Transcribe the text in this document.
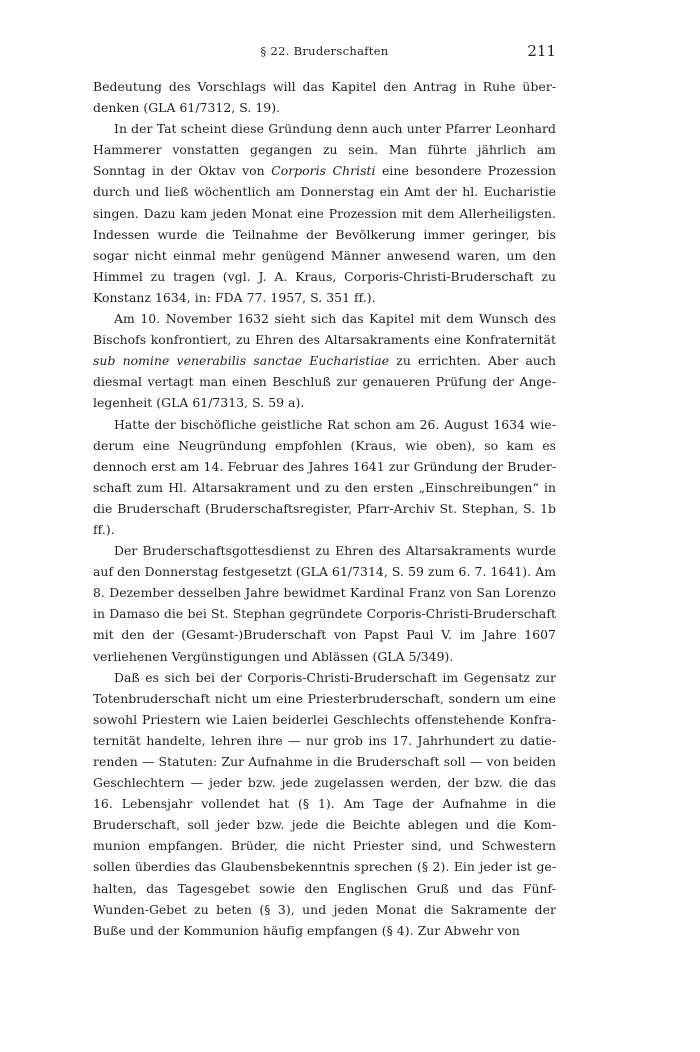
§ 22. Bruderschaften	211

Bedeutung des Vorschlags will das Kapitel den Antrag in Ruhe überdenken (GLA 61/7312, S. 19).

In der Tat scheint diese Gründung denn auch unter Pfarrer Leonhard Hammerer vonstatten gegangen zu sein. Man führte jährlich am Sonntag in der Oktav von Corporis Christi eine besondere Prozession durch und ließ wöchentlich am Donnerstag ein Amt der hl. Eucharistie singen. Dazu kam jeden Monat eine Prozession mit dem Allerheiligsten. Indessen wurde die Teilnahme der Bevölkerung immer geringer, bis sogar nicht einmal mehr genügend Männer anwesend waren, um den Himmel zu tragen (vgl. J. A. Kraus, Corporis-Christi-Bruderschaft zu Konstanz 1634, in: FDA 77. 1957, S. 351 ff.).

Am 10. November 1632 sieht sich das Kapitel mit dem Wunsch des Bischofs konfrontiert, zu Ehren des Altarsakraments eine Konfraternität sub nomine venerabilis sanctae Eucharistiae zu errichten. Aber auch diesmal vertagt man einen Beschluß zur genaueren Prüfung der Angelegenheit (GLA 61/7313, S. 59 a).

Hatte der bischöfliche geistliche Rat schon am 26. August 1634 wiederum eine Neugründung empfohlen (Kraus, wie oben), so kam es dennoch erst am 14. Februar des Jahres 1641 zur Gründung der Bruderschaft zum Hl. Altarsakrament und zu den ersten „Einschreibungen“ in die Bruderschaft (Bruderschaftsregister, Pfarr-Archiv St. Stephan, S. 1b ff.).

Der Bruderschaftsgottesdienst zu Ehren des Altarsakraments wurde auf den Donnerstag festgesetzt (GLA 61/7314, S. 59 zum 6. 7. 1641). Am 8. Dezember desselben Jahre bewidmet Kardinal Franz von San Lorenzo in Damaso die bei St. Stephan gegründete Corporis-Christi-Bruderschaft mit den der (Gesamt-)Bruderschaft von Papst Paul V. im Jahre 1607 verliehenen Vergünstigungen und Ablässen (GLA 5/349).

Daß es sich bei der Corporis-Christi-Bruderschaft im Gegensatz zur Totenbruderschaft nicht um eine Priesterbruderschaft, sondern um eine sowohl Priestern wie Laien beiderlei Geschlechts offenstehende Konfraternität handelte, lehren ihre — nur grob ins 17. Jahrhundert zu datierenden — Statuten: Zur Aufnahme in die Bruderschaft soll — von beiden Geschlechtern — jeder bzw. jede zugelassen werden, der bzw. die das 16. Lebensjahr vollendet hat (§ 1). Am Tage der Aufnahme in die Bruderschaft, soll jeder bzw. jede die Beichte ablegen und die Kommunion empfangen. Brüder, die nicht Priester sind, und Schwestern sollen überdies das Glaubensbekenntnis sprechen (§ 2). Ein jeder ist gehalten, das Tagesgebet sowie den Englischen Gruß und das Fünf-Wunden-Gebet zu beten (§ 3), und jeden Monat die Sakramente der Buße und der Kommunion häufig empfangen (§ 4). Zur Abwehr von
